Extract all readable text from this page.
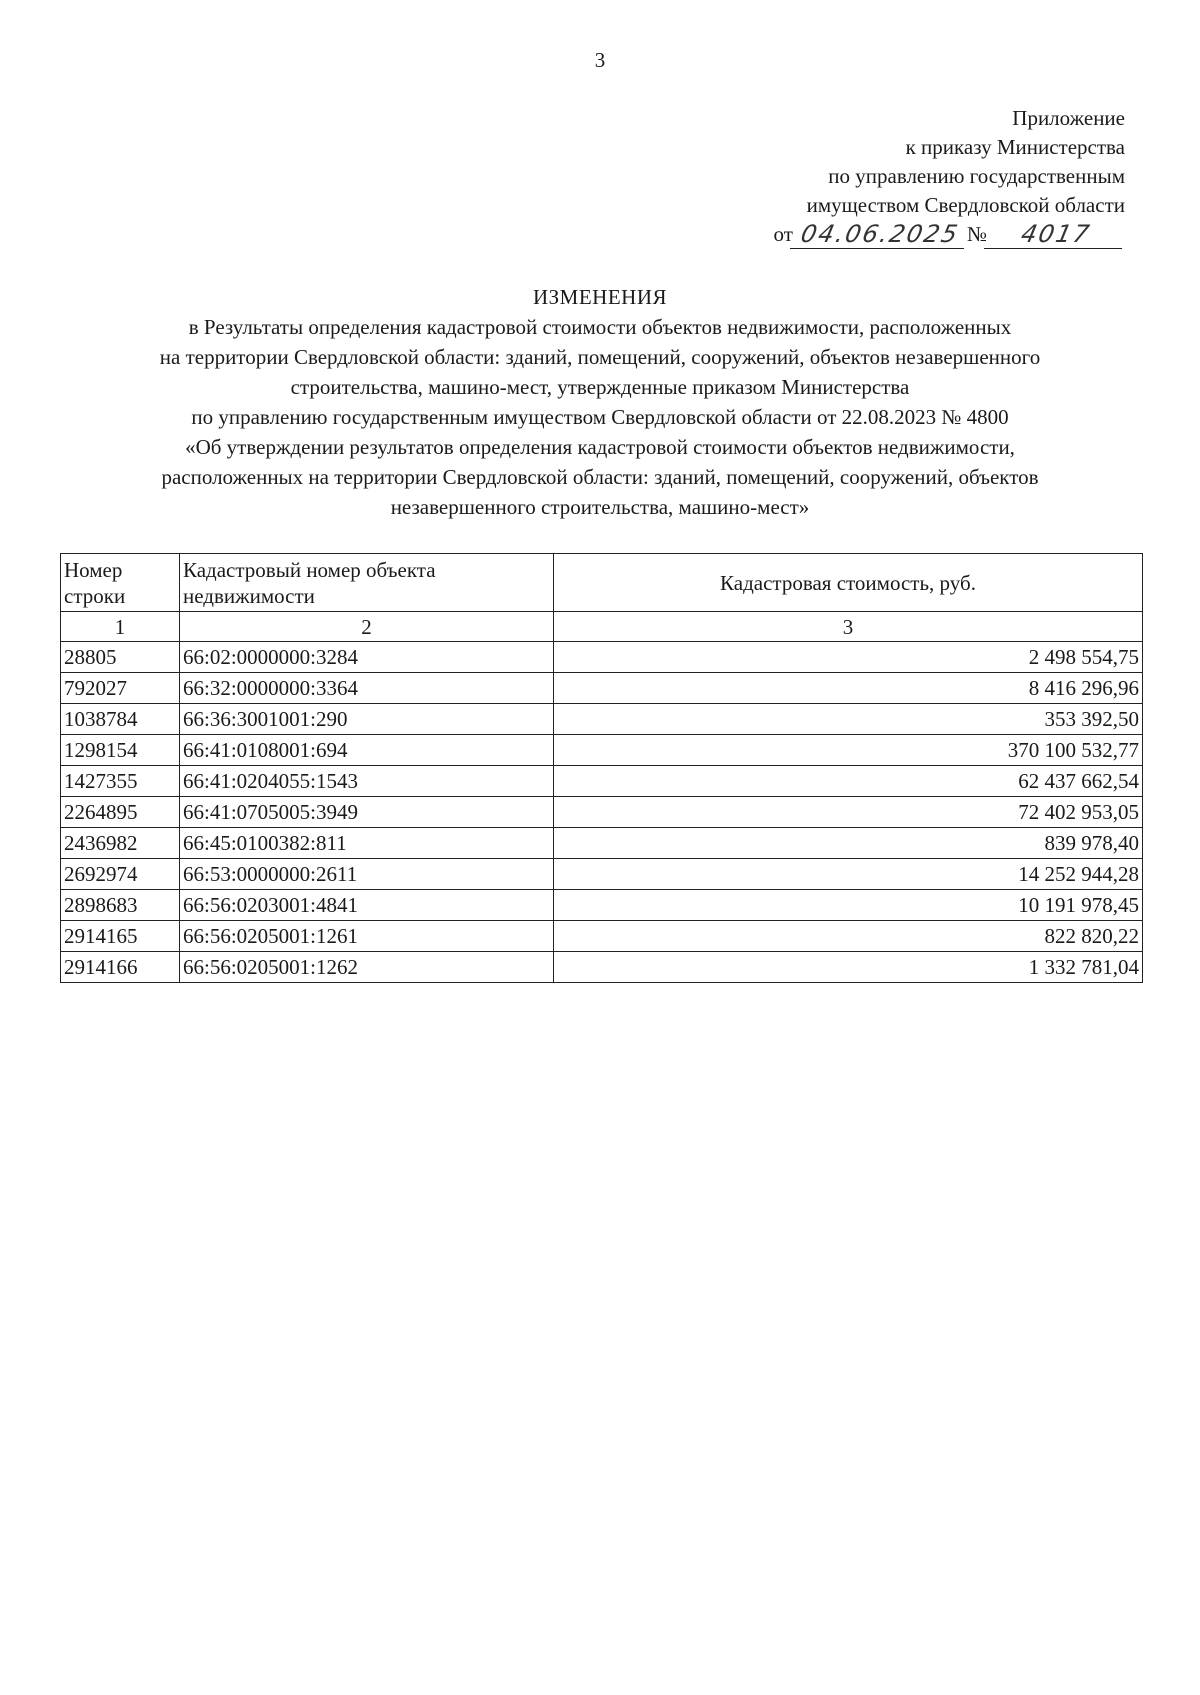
3
Приложение
к приказу Министерства
по управлению государственным
имуществом Свердловской области
от 04.06.2025 №	4017
ИЗМЕНЕНИЯ
в Результаты определения кадастровой стоимости объектов недвижимости, расположенных
на территории Свердловской области: зданий, помещений, сооружений, объектов незавершенного
строительства, машино-мест, утвержденные приказом Министерства
по управлению государственным имуществом Свердловской области от 22.08.2023 № 4800
«Об утверждении результатов определения кадастровой стоимости объектов недвижимости,
расположенных на территории Свердловской области: зданий, помещений, сооружений, объектов
незавершенного строительства, машино-мест»
Номер строки	Кадастровый номер объекта недвижимости	Кадастровая стоимость, руб.
1	2	3
28805	66:02:0000000:3284	2 498 554,75
792027	66:32:0000000:3364	8 416 296,96
1038784	66:36:3001001:290	353 392,50
1298154	66:41:0108001:694	370 100 532,77
1427355	66:41:0204055:1543	62 437 662,54
2264895	66:41:0705005:3949	72 402 953,05
2436982	66:45:0100382:811	839 978,40
2692974	66:53:0000000:2611	14 252 944,28
2898683	66:56:0203001:4841	10 191 978,45
2914165	66:56:0205001:1261	822 820,22
2914166	66:56:0205001:1262	1 332 781,04
